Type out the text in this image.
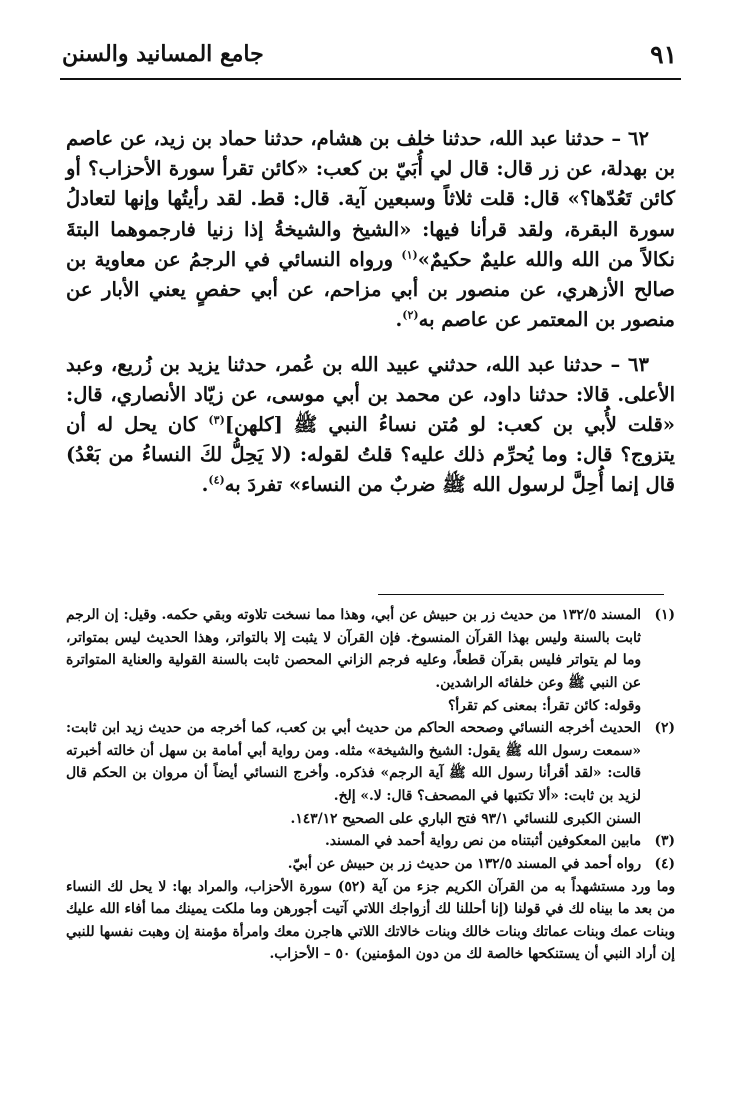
٩١
جامع المسانيد والسنن

٦٢ – حدثنا عبد الله، حدثنا خلف بن هشام، حدثنا حماد بن زيد، عن عاصم بن بهدلة، عن زر قال: قال لي أُبَيّ بن كعب: «كائن تقرأ سورة الأحزاب؟ أو كائن تَعُدّها؟» قال: قلت ثلاثاً وسبعين آية. قال: قط. لقد رأيتُها وإنها لتعادلُ سورة البقرة، ولقد قرأنا فيها: «الشيخ والشيخةُ إذا زنيا فارجموهما البتةَ نكالاً من الله والله عليمٌ حكيمٌ»$^{(١)}$ ورواه النسائي في الرجمُ عن معاوية بن صالح الأزهري، عن منصور بن أبي مزاحم، عن أبي حفصٍ يعني الأبار عن منصور بن المعتمر عن عاصم به$^{(٢)}$.

٦٣ – حدثنا عبد الله، حدثني عبيد الله بن عُمر، حدثنا يزيد بن زُريع، وعبد الأعلى. قالا: حدثنا داود، عن محمد بن أبي موسى، عن زيّاد الأنصاري، قال: «قلت لأُبي بن كعب: لو مُتن نساءُ النبي ﷺ [كلهن]$^{(٣)}$ كان يحل له أن يتزوج؟ قال: وما يُحرِّم ذلك عليه؟ قلتُ لقوله: (لا يَحِلُّ لكَ النساءُ من بَعْدُ) قال إنما أُحِلَّ لرسول الله ﷺ ضربٌ من النساء» تفردَ به$^{(٤)}$.

(١)

المسند ١٣٢/٥ من حديث زر بن حبيش عن أبي، وهذا مما نسخت تلاوته وبقي حكمه. وقيل: إن الرجم ثابت بالسنة وليس بهذا القرآن المنسوخ. فإن القرآن لا يثبت إلا بالتواتر، وهذا الحديث ليس بمتواتر، وما لم يتواتر فليس بقرآن قطعاً، وعليه فرجم الزاني المحصن ثابت بالسنة القولية والعناية المتواترة عن النبي ﷺ وعن خلفائه الراشدين.

وقوله: كائن تقرأ: بمعنى كم تقرأ؟

(٢)

الحديث أخرجه النسائي وصححه الحاكم من حديث أبي بن كعب، كما أخرجه من حديث زيد ابن ثابت: «سمعت رسول الله ﷺ يقول: الشيخ والشيخة» مثله. ومن رواية أبي أمامة بن سهل أن خالته أخبرته قالت: «لقد أقرأنا رسول الله ﷺ آية الرجم» فذكره. وأخرج النسائي أيضاً أن مروان بن الحكم قال لزيد بن ثابت: «ألا تكتبها في المصحف؟ قال: لا.» إلخ.

السنن الكبرى للنسائي ٩٣/١ فتح الباري على الصحيح ١٤٣/١٢.

(٣)

مابين المعكوفين أثبتناه من نص رواية أحمد في المسند.

(٤)

رواه أحمد في المسند ١٣٢/٥ من حديث زر بن حبيش عن أبيّ.

وما ورد مستشهداً به من القرآن الكريم جزء من آية (٥٢) سورة الأحزاب، والمراد بها: لا يحل لك النساء من بعد ما بيناه لك في قولنا (إنا أحللنا لك أزواجك اللاتي آتيت أجورهن وما ملكت يمينك مما أفاء الله عليك وبنات عمك وبنات عماتك وبنات خالك وبنات خالاتك اللاتي هاجرن معك وامرأة مؤمنة إن وهبت نفسها للنبي إن أراد النبي أن يستنكحها خالصة لك من دون المؤمنين) ٥٠ – الأحزاب.
